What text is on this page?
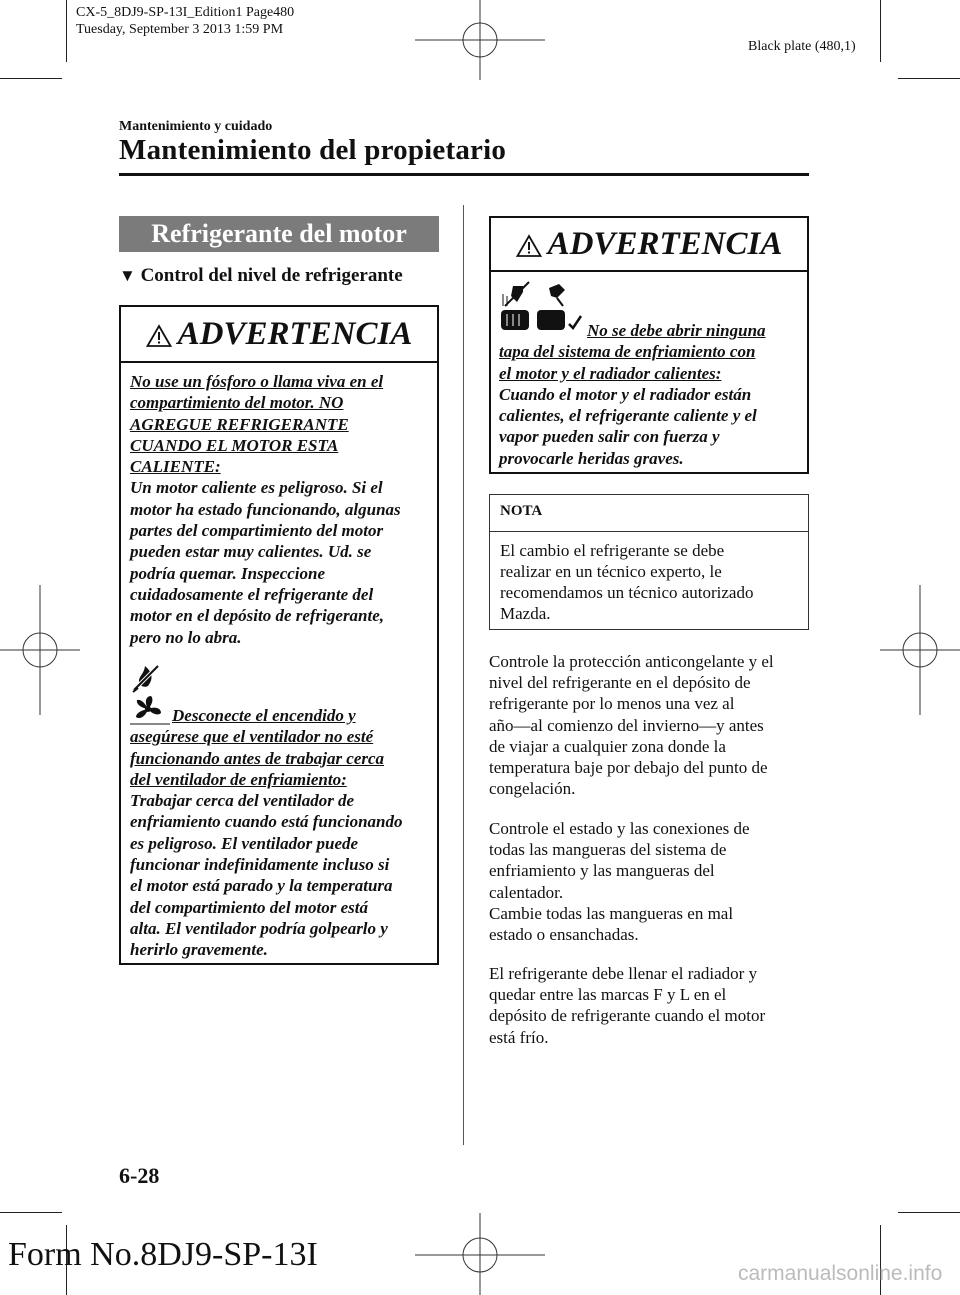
CX-5_8DJ9-SP-13I_Edition1 Page480
Tuesday, September 3 2013 1:59 PM
Black plate (480,1)
Mantenimiento y cuidado
Mantenimiento del propietario
Refrigerante del motor
▼ Control del nivel de refrigerante
ADVERTENCIA
No use un fósforo o llama viva en el
compartimiento del motor. NO
AGREGUE REFRIGERANTE
CUANDO EL MOTOR ESTA
CALIENTE:
Un motor caliente es peligroso. Si el
motor ha estado funcionando, algunas
partes del compartimiento del motor
pueden estar muy calientes. Ud. se
podría quemar. Inspeccione
cuidadosamente el refrigerante del
motor en el depósito de refrigerante,
pero no lo abra.
Desconecte el encendido y
asegúrese que el ventilador no esté
funcionando antes de trabajar cerca
del ventilador de enfriamiento:
Trabajar cerca del ventilador de
enfriamiento cuando está funcionando
es peligroso. El ventilador puede
funcionar indefinidamente incluso si
el motor está parado y la temperatura
del compartimiento del motor está
alta. El ventilador podría golpearlo y
herirlo gravemente.
ADVERTENCIA
No se debe abrir ninguna
tapa del sistema de enfriamiento con
el motor y el radiador calientes:
Cuando el motor y el radiador están
calientes, el refrigerante caliente y el
vapor pueden salir con fuerza y
provocarle heridas graves.
NOTA
El cambio el refrigerante se debe
realizar en un técnico experto, le
recomendamos un técnico autorizado
Mazda.
Controle la protección anticongelante y el
nivel del refrigerante en el depósito de
refrigerante por lo menos una vez al
año―al comienzo del invierno―y antes
de viajar a cualquier zona donde la
temperatura baje por debajo del punto de
congelación.
Controle el estado y las conexiones de
todas las mangueras del sistema de
enfriamiento y las mangueras del
calentador.
Cambie todas las mangueras en mal
estado o ensanchadas.
El refrigerante debe llenar el radiador y
quedar entre las marcas F y L en el
depósito de refrigerante cuando el motor
está frío.
6-28
Form No.8DJ9-SP-13I
carmanualsonline.info
